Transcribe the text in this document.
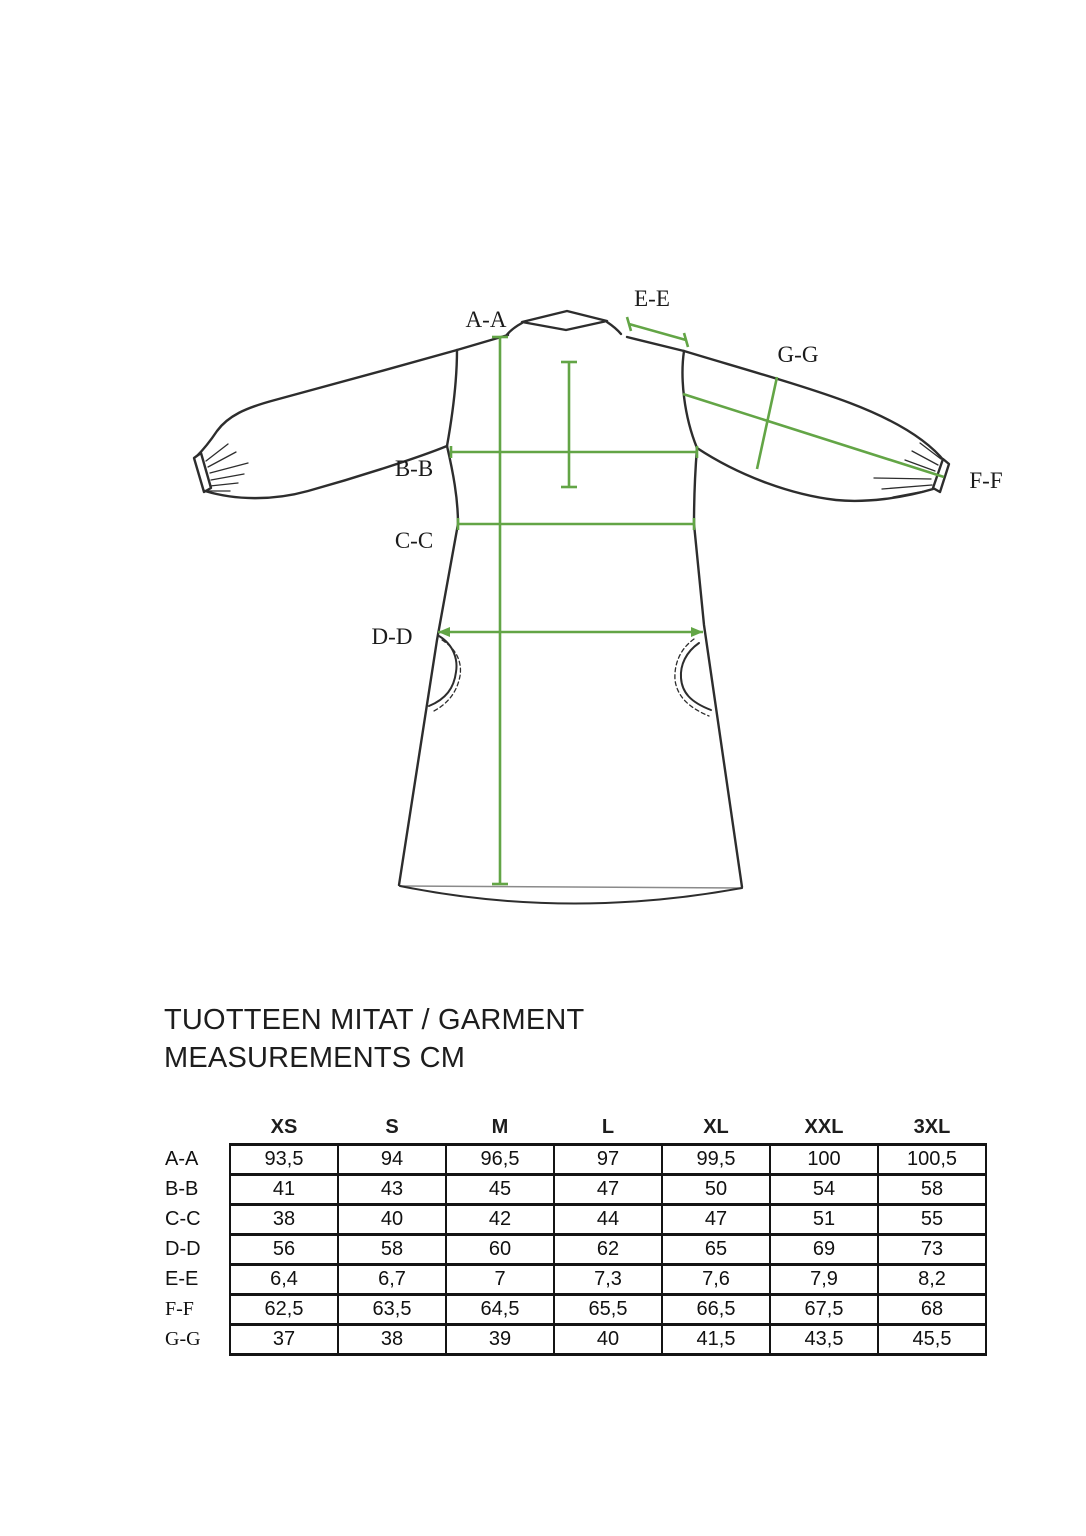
A-A
B-B
C-C
D-D
E-E
F-F
G-G
TUOTTEEN MITAT / GARMENT
MEASUREMENTS CM
	XS	S	M	L	XL	XXL	3XL
A-A	93,5	94	96,5	97	99,5	100	100,5
B-B	41	43	45	47	50	54	58
C-C	38	40	42	44	47	51	55
D-D	56	58	60	62	65	69	73
E-E	6,4	6,7	7	7,3	7,6	7,9	8,2
F-F	62,5	63,5	64,5	65,5	66,5	67,5	68
G-G	37	38	39	40	41,5	43,5	45,5
